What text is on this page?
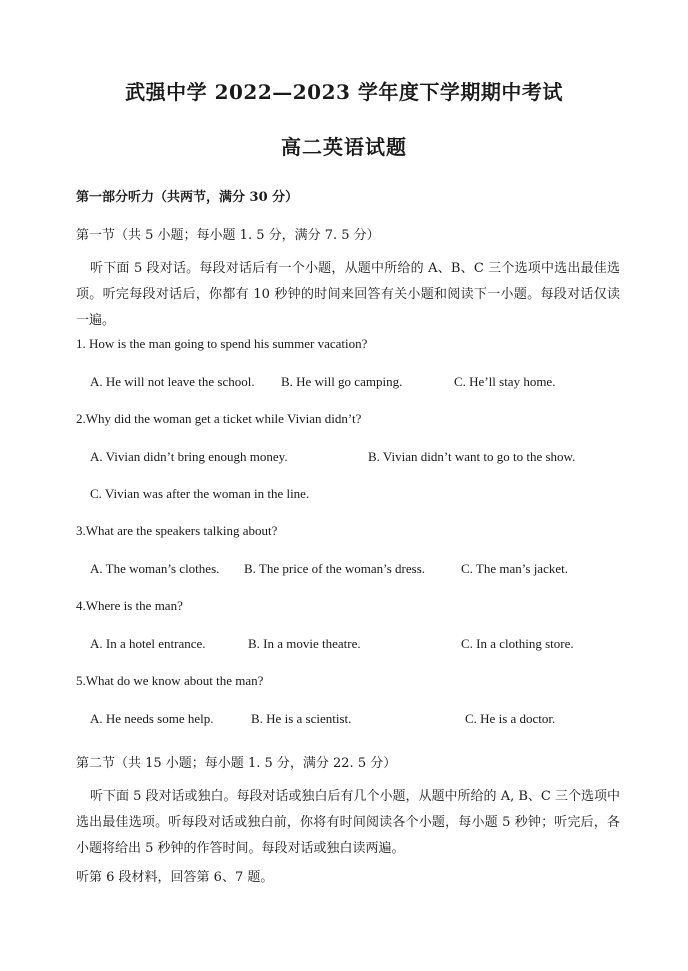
武强中学 2022—2023 学年度下学期期中考试
高二英语试题
第一部分听力（共两节，满分 30 分）
第一节（共 5 小题；每小题 1. 5 分，满分 7. 5 分）
听下面 5 段对话。每段对话后有一个小题，从题中所给的 A、B、C 三个选项中选出最佳选项。听完每段对话后，你都有 10 秒钟的时间来回答有关小题和阅读下一小题。每段对话仅读一遍。
1. How is the man going to spend his summer vacation?
A. He will not leave the school. B. He will go camping.	C. He’ll stay home.
2.Why did the woman get a ticket while Vivian didn’t?
A. Vivian didn’t bring enough money.	B. Vivian didn’t want to go to the show.
C. Vivian was after the woman in the line.
3.What are the speakers talking about?
A. The woman’s clothes. B. The price of the woman’s dress.	C. The man’s jacket.
4.Where is the man?
A. In a hotel entrance.	B. In a movie theatre.	C. In a clothing store.
5.What do we know about the man?
A. He needs some help.	B. He is a scientist.	C. He is a doctor.
第二节（共 15 小题；每小题 1. 5 分，满分 22. 5 分）
听下面 5 段对话或独白。每段对话或独白后有几个小题，从题中所给的 A, B、C 三个选项中选出最佳选项。听每段对话或独白前，你将有时间阅读各个小题，每小题 5 秒钟；听完后，各小题将给出 5 秒钟的作答时间。每段对话或独白读两遍。
听第 6 段材料，回答第 6、7 题。
